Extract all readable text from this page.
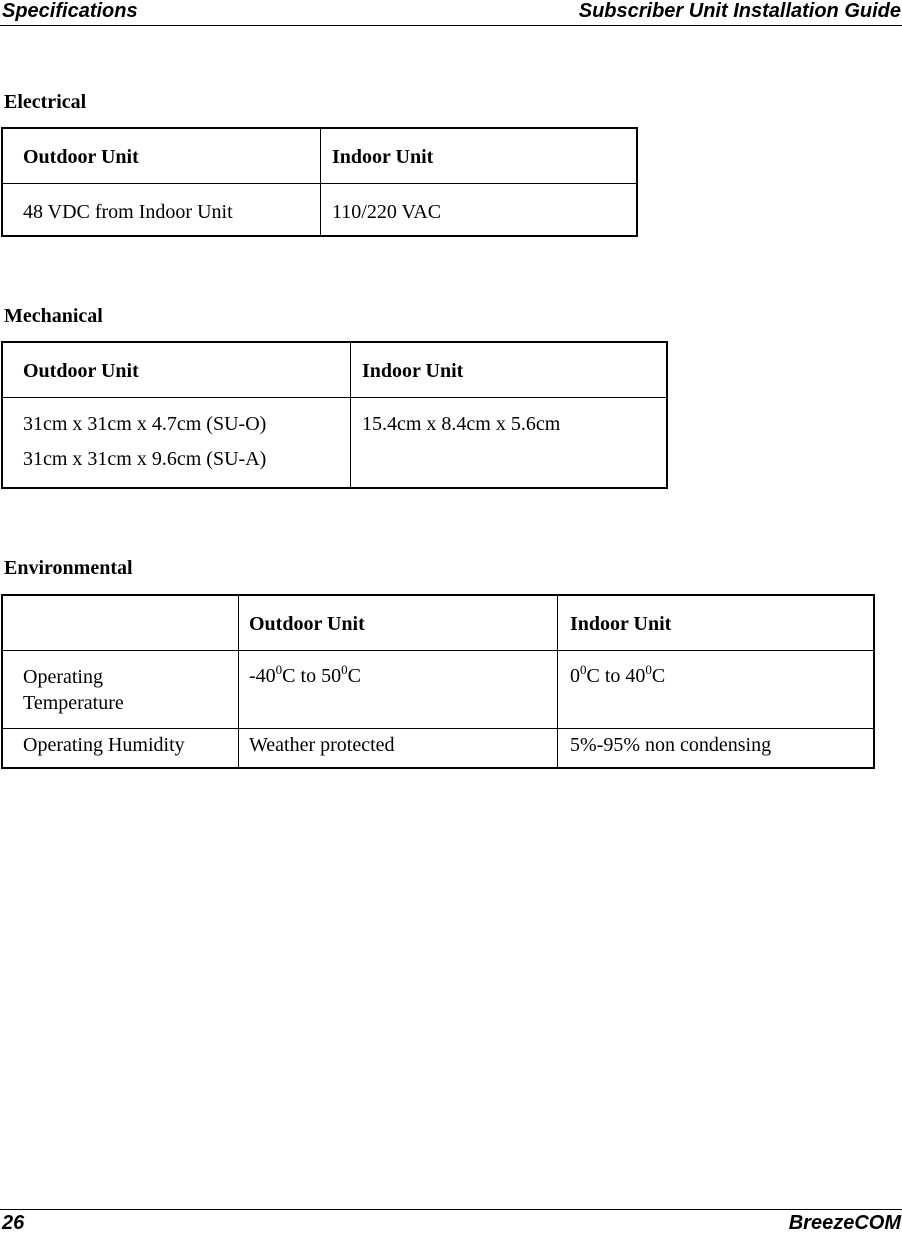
Specifications	Subscriber Unit Installation Guide
Electrical
Outdoor Unit	Indoor Unit

48 VDC from Indoor Unit	110/220 VAC
Mechanical
Outdoor Unit	Indoor Unit

31cm x 31cm x 4.7cm (SU-O)
31cm x 31cm x 9.6cm (SU-A)	15.4cm x 8.4cm x 5.6cm
Environmental

	Outdoor Unit	Indoor Unit

Operating Temperature	$-40^0C$ to $50^0C$	$0^0C$ to $40^0C$

Operating Humidity	Weather protected	5%-95% non condensing
26	BreezeCOM
